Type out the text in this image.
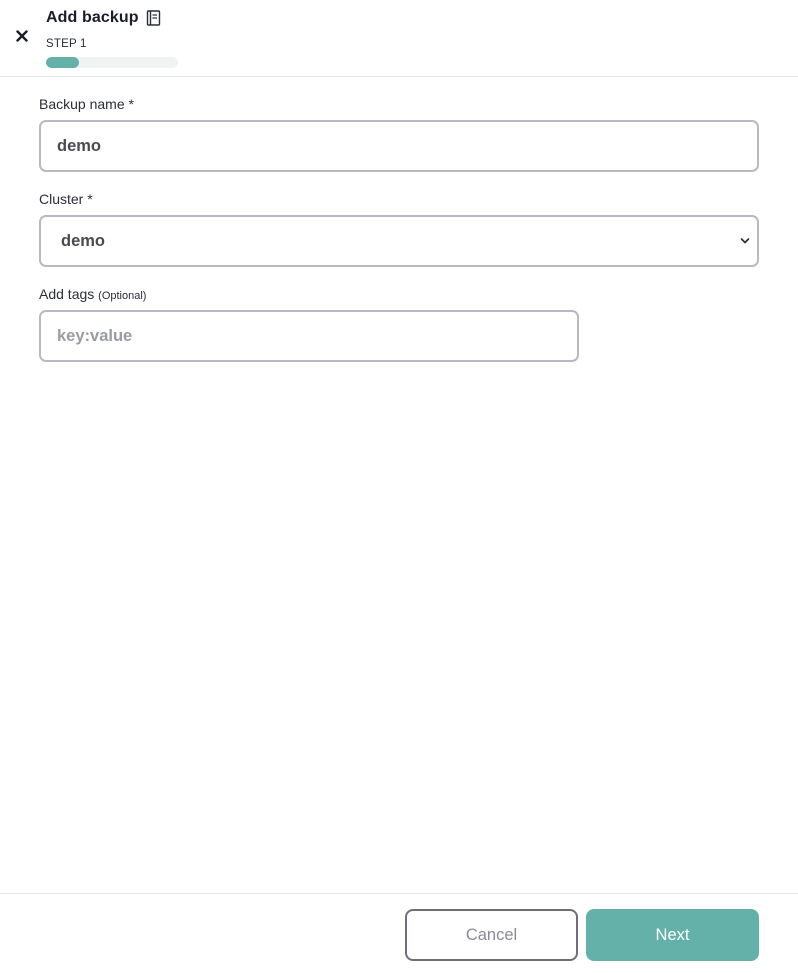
Add backup
STEP 1
Backup name *
demo
Cluster *
demo
Add tags (Optional)
key:value
Cancel	Next
